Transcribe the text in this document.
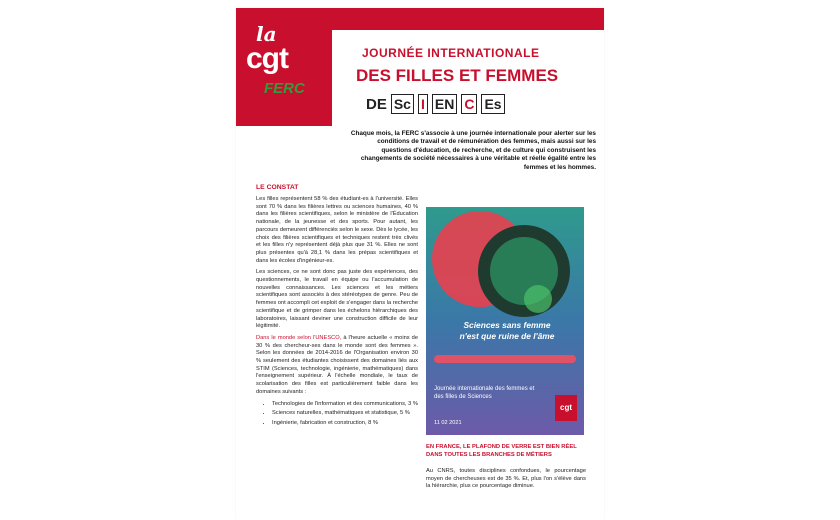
la
cgt
FERC
JOURNÉE INTERNATIONALE
DES FILLES ET FEMMES
DE Sc I EN C Es
Chaque mois, la FERC s'associe à une journée internationale pour alerter sur les conditions de travail et de rémunération des femmes, mais aussi sur les questions d'éducation, de recherche, et de culture qui construisent les changements de société nécessaires à une véritable et réelle égalité entre les femmes et les hommes.
LE CONSTAT

Les filles représentent 58 % des étudiant-es à l'université. Elles sont 70 % dans les filières lettres ou sciences humaines, 40 % dans les filières scientifiques, selon le ministère de l'Éducation nationale, de la jeunesse et des sports. Pour autant, les parcours demeurent différenciés selon le sexe. Dès le lycée, les choix des filières scientifiques et techniques restent très clivés et les filles n'y représentent déjà plus que 31 %. Elles ne sont plus présentes qu'à 28,1 % dans les prépas scientifiques et dans les écoles d'ingénieur-es.

Les sciences, ce ne sont donc pas juste des expériences, des questionnements, le travail en équipe ou l'accumulation de nouvelles connaissances. Les sciences et les métiers scientifiques sont associés à des stéréotypes de genre. Peu de femmes ont accompli cet exploit de s'engager dans la recherche scientifique et de grimper dans les échelons hiérarchiques des laboratoires, laissant deviner une construction difficile de leur légitimité.

Dans le monde selon l'UNESCO, à l'heure actuelle « moins de 30 % des chercheur-ses dans le monde sont des femmes ». Selon les données de 2014-2016 de l'Organisation environ 30 % seulement des étudiantes choisissent des domaines liés aux STIM (Sciences, technologie, ingénierie, mathématiques) dans l'enseignement supérieur. À l'échelle mondiale, le taux de scolarisation des filles est particulièrement faible dans les domaines suivants :

• Technologies de l'information et des communications, 3 %
• Sciences naturelles, mathématiques et statistique, 5 %
• Ingénierie, fabrication et construction, 8 %
Sciences sans femme
n'est que ruine de l'âme
Journée internationale des femmes et des filles de Sciences
11 02 2021
cgt
EN FRANCE, LE PLAFOND DE VERRE EST BIEN RÉEL DANS TOUTES LES BRANCHES DE MÉTIERS
Au CNRS, toutes disciplines confondues, le pourcentage moyen de chercheuses est de 35 %. Et, plus l'on s'élève dans la hiérarchie, plus ce pourcentage diminue.
